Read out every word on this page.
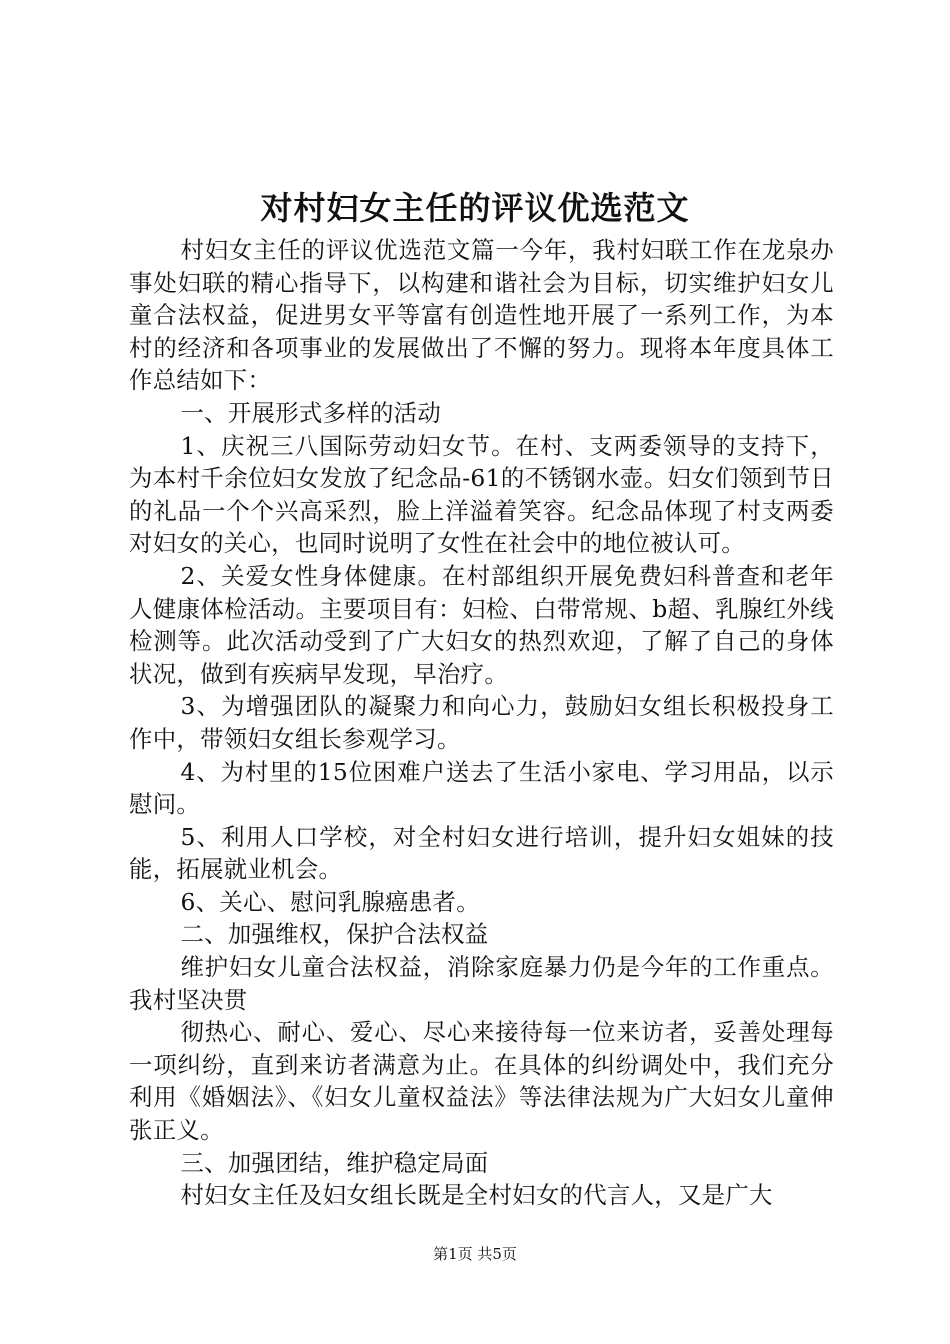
对村妇女主任的评议优选范文

村妇女主任的评议优选范文篇一今年，我村妇联工作在龙泉办事处妇联的精心指导下，以构建和谐社会为目标，切实维护妇女儿童合法权益，促进男女平等富有创造性地开展了一系列工作，为本村的经济和各项事业的发展做出了不懈的努力。现将本年度具体工作总结如下：

一、开展形式多样的活动

1、庆祝三八国际劳动妇女节。在村、支两委领导的支持下，为本村千余位妇女发放了纪念品-61的不锈钢水壶。妇女们领到节日的礼品一个个兴高采烈，脸上洋溢着笑容。纪念品体现了村支两委对妇女的关心，也同时说明了女性在社会中的地位被认可。

2、关爱女性身体健康。在村部组织开展免费妇科普查和老年人健康体检活动。主要项目有：妇检、白带常规、b超、乳腺红外线检测等。此次活动受到了广大妇女的热烈欢迎，了解了自己的身体状况，做到有疾病早发现，早治疗。

3、为增强团队的凝聚力和向心力，鼓励妇女组长积极投身工作中，带领妇女组长参观学习。

4、为村里的15位困难户送去了生活小家电、学习用品，以示慰问。

5、利用人口学校，对全村妇女进行培训，提升妇女姐妹的技能，拓展就业机会。

6、关心、慰问乳腺癌患者。

二、加强维权，保护合法权益

维护妇女儿童合法权益，消除家庭暴力仍是今年的工作重点。我村坚决贯

彻热心、耐心、爱心、尽心来接待每一位来访者，妥善处理每一项纠纷，直到来访者满意为止。在具体的纠纷调处中，我们充分利用《婚姻法》、《妇女儿童权益法》等法律法规为广大妇女儿童伸张正义。

三、加强团结，维护稳定局面

村妇女主任及妇女组长既是全村妇女的代言人，又是广大

第1页 共5页
